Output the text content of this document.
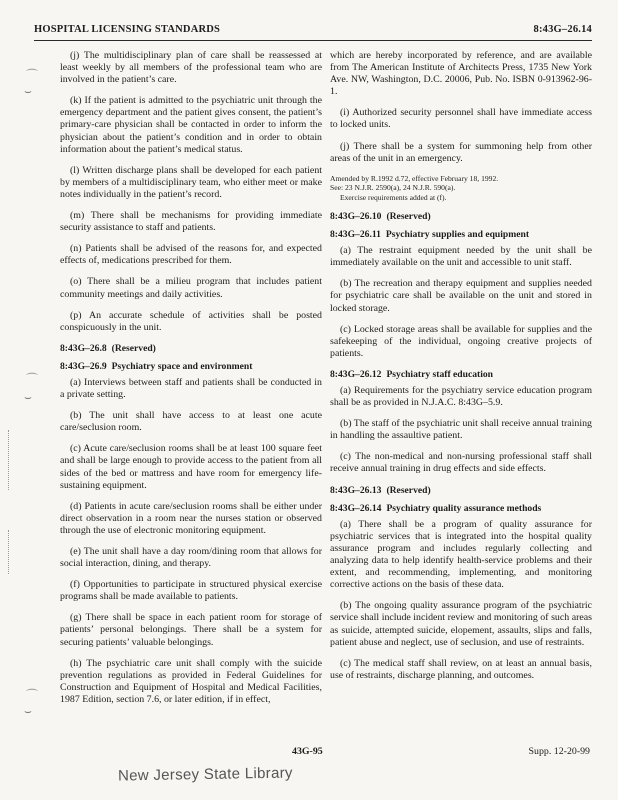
HOSPITAL LICENSING STANDARDS	8:43G–26.14
⌒
⌣
⌒
⌣
⌒
⌣

(j) The multidisciplinary plan of care shall be reassessed at least weekly by all members of the professional team who are involved in the patient’s care.

(k) If the patient is admitted to the psychiatric unit through the emergency department and the patient gives consent, the patient’s primary-care physician shall be contacted in order to inform the physician about the patient’s condition and in order to obtain information about the patient’s medical status.

(l) Written discharge plans shall be developed for each patient by members of a multidisciplinary team, who either meet or make notes individually in the patient’s record.

(m) There shall be mechanisms for providing immediate security assistance to staff and patients.

(n) Patients shall be advised of the reasons for, and expected effects of, medications prescribed for them.

(o) There shall be a milieu program that includes patient community meetings and daily activities.

(p) An accurate schedule of activities shall be posted conspicuously in the unit.

8:43G–26.8 (Reserved)
8:43G–26.9 Psychiatry space and environment

(a) Interviews between staff and patients shall be conducted in a private setting.

(b) The unit shall have access to at least one acute care/seclusion room.

(c) Acute care/seclusion rooms shall be at least 100 square feet and shall be large enough to provide access to the patient from all sides of the bed or mattress and have room for emergency life-sustaining equipment.

(d) Patients in acute care/seclusion rooms shall be either under direct observation in a room near the nurses station or observed through the use of electronic monitoring equipment.

(e) The unit shall have a day room/dining room that allows for social interaction, dining, and therapy.

(f) Opportunities to participate in structured physical exercise programs shall be made available to patients.

(g) There shall be space in each patient room for storage of patients’ personal belongings. There shall be a system for securing patients’ valuable belongings.

(h) The psychiatric care unit shall comply with the suicide prevention regulations as provided in Federal Guidelines for Construction and Equipment of Hospital and Medical Facilities, 1987 Edition, section 7.6, or later edition, if in effect,

which are hereby incorporated by reference, and are available from The American Institute of Architects Press, 1735 New York Ave. NW, Washington, D.C. 20006, Pub. No. ISBN 0-913962-96-1.

(i) Authorized security personnel shall have immediate access to locked units.

(j) There shall be a system for summoning help from other areas of the unit in an emergency.

Amended by R.1992 d.72, effective February 18, 1992.
See: 23 N.J.R. 2590(a), 24 N.J.R. 590(a).
Exercise requirements added at (f).
8:43G–26.10 (Reserved)
8:43G–26.11 Psychiatry supplies and equipment

(a) The restraint equipment needed by the unit shall be immediately available on the unit and accessible to unit staff.

(b) The recreation and therapy equipment and supplies needed for psychiatric care shall be available on the unit and stored in locked storage.

(c) Locked storage areas shall be available for supplies and the safekeeping of the individual, ongoing creative projects of patients.

8:43G–26.12 Psychiatry staff education

(a) Requirements for the psychiatry service education program shall be as provided in N.J.A.C. 8:43G–5.9.

(b) The staff of the psychiatric unit shall receive annual training in handling the assaultive patient.

(c) The non-medical and non-nursing professional staff shall receive annual training in drug effects and side effects.

8:43G–26.13 (Reserved)
8:43G–26.14 Psychiatry quality assurance methods

(a) There shall be a program of quality assurance for psychiatric services that is integrated into the hospital quality assurance program and includes regularly collecting and analyzing data to help identify health-service problems and their extent, and recommending, implementing, and monitoring corrective actions on the basis of these data.

(b) The ongoing quality assurance program of the psychiatric service shall include incident review and monitoring of such areas as suicide, attempted suicide, elopement, assaults, slips and falls, patient abuse and neglect, use of seclusion, and use of restraints.

(c) The medical staff shall review, on at least an annual basis, use of restraints, discharge planning, and outcomes.

43G-95	Supp. 12-20-99
New Jersey State Library
